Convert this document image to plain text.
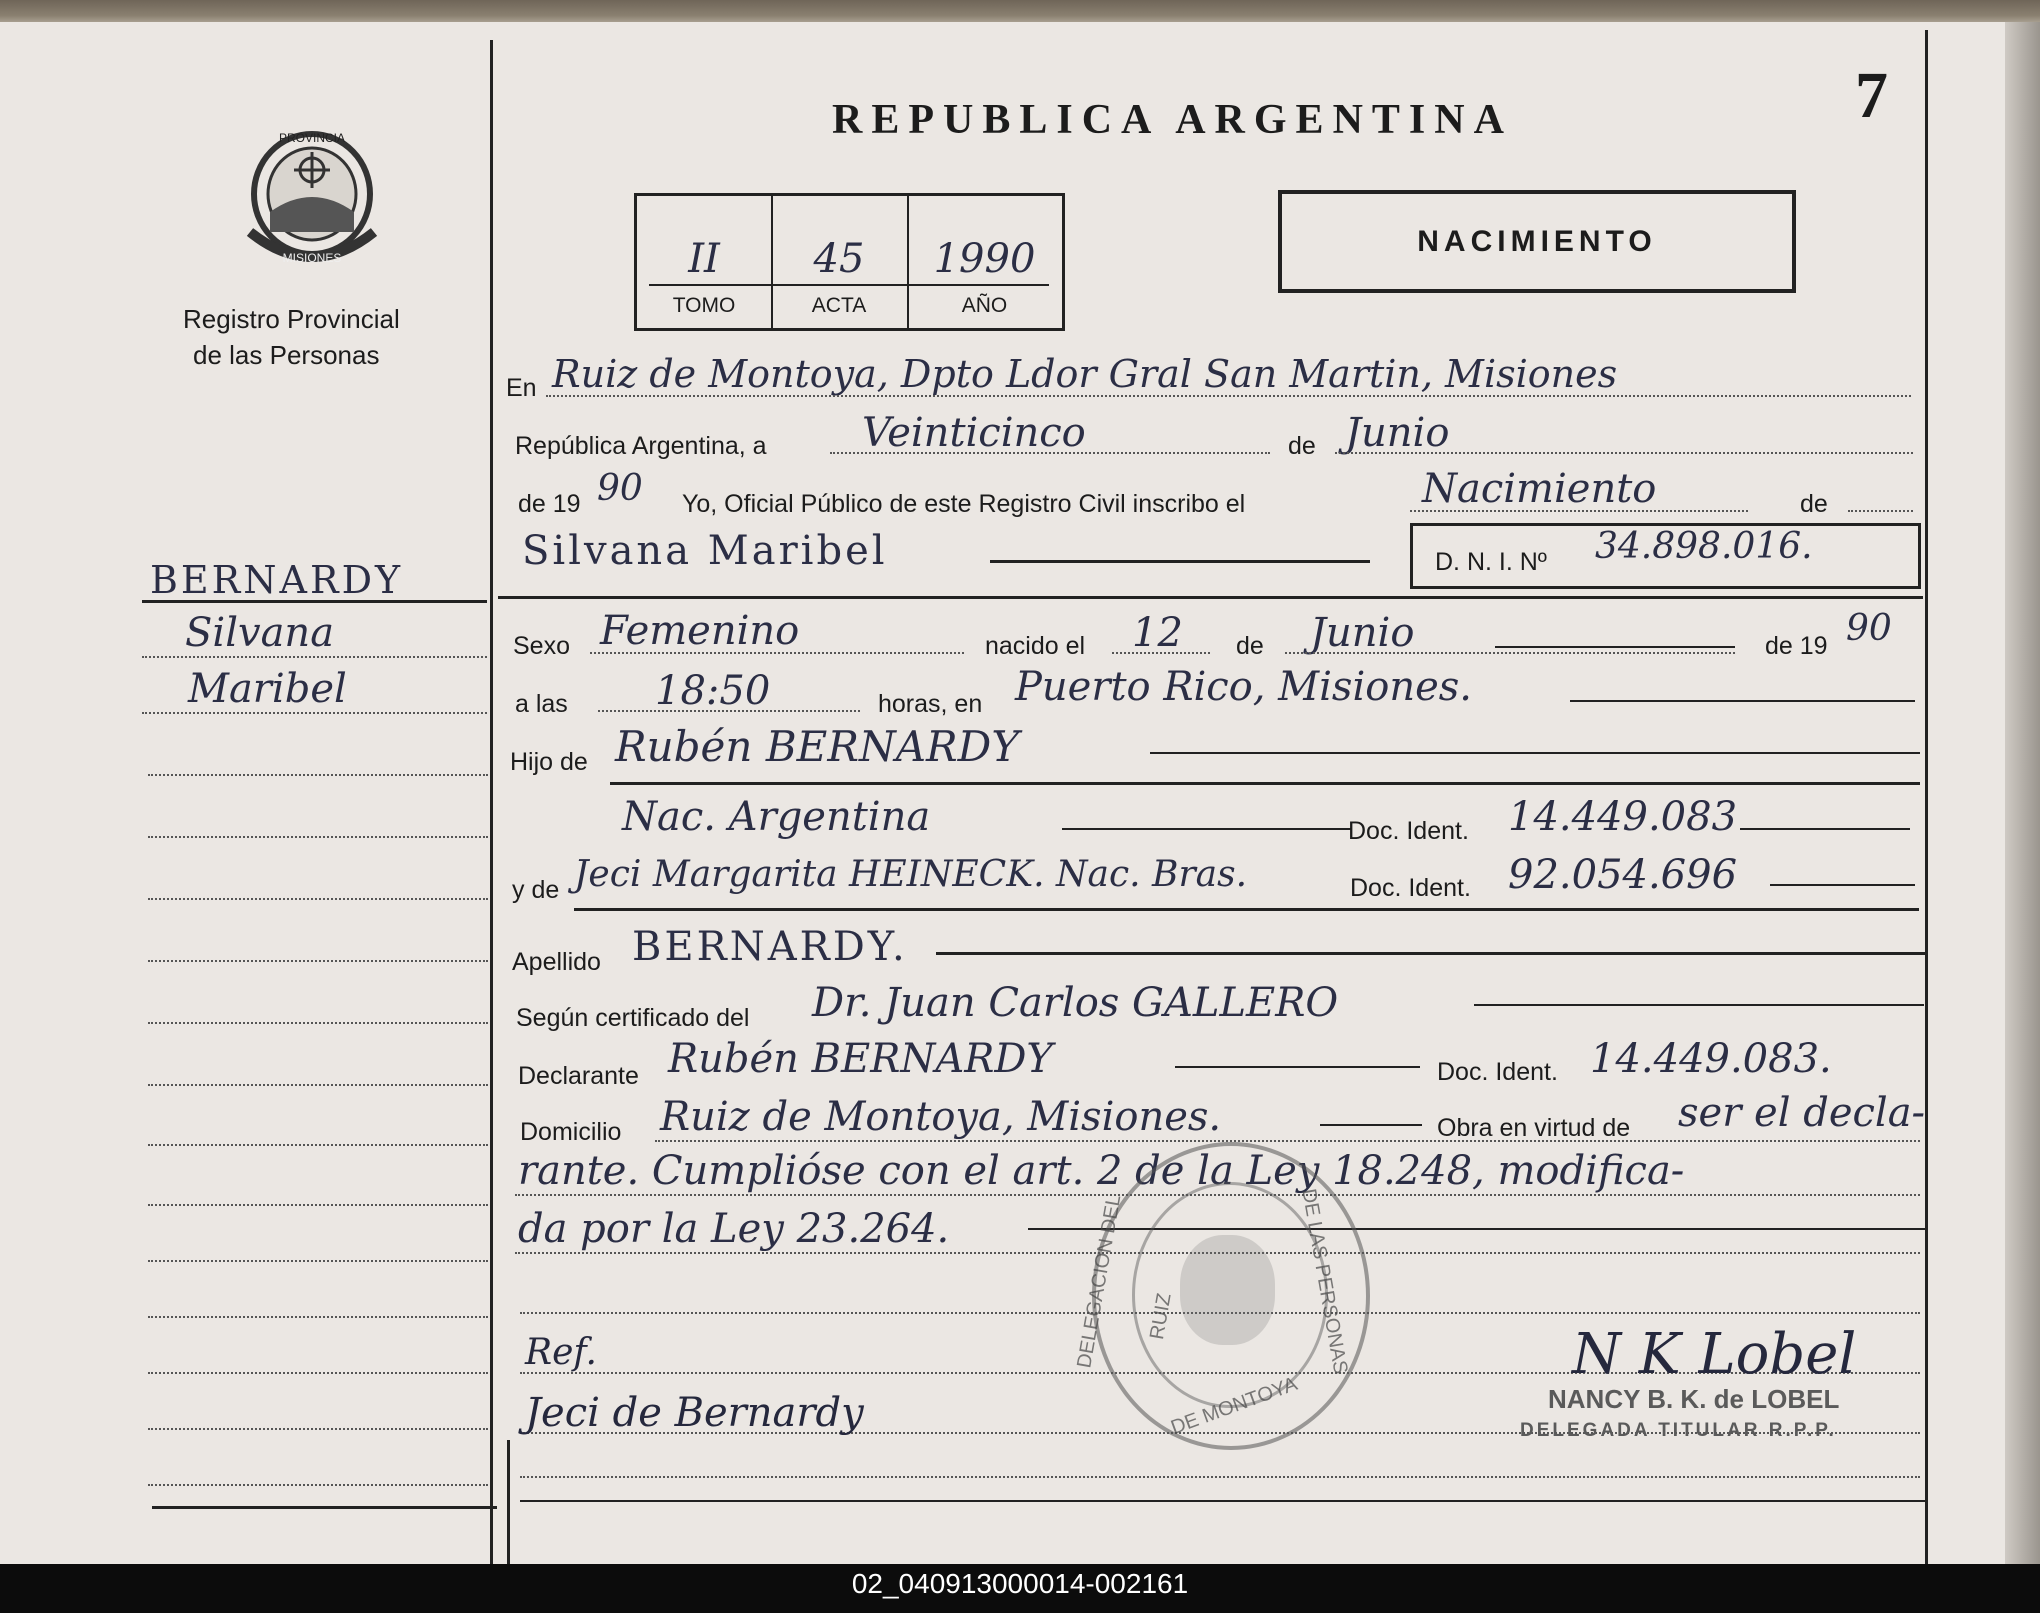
PROVINCIA
MISIONES
Registro Provincial
de las Personas
REPUBLICA ARGENTINA	7
II	45	1990
TOMO	ACTA	AÑO
NACIMIENTO
BERNARDY
Silvana
Maribel
En Ruiz de Montoya, Dpto Ldor Gral San Martin, Misiones
República Argentina, a Veinticinco	de Junio
de 19 90 Yo, Oficial Público de este Registro Civil inscribo el	Nacimiento	de
Silvana Maribel	D. N. I. Nº 34.898.016.
Sexo Femenino	nacido el 12 de Junio	de 19 90
a las 18:50	horas, en Puerto Rico, Misiones.
Hijo de Rubén BERNARDY
Nac. Argentina	Doc. Ident. 14.449.083
y de Jeci Margarita HEINECK. Nac. Bras.	Doc. Ident. 92.054.696
Apellido BERNARDY.
Según certificado del Dr. Juan Carlos GALLERO
Declarante Rubén BERNARDY	Doc. Ident. 14.449.083.
Domicilio Ruiz de Montoya, Misiones.	Obra en virtud de ser el decla-
rante. Cumplióse con el art. 2 de la Ley 18.248, modifica-
da por la Ley 23.264.	DELEGACION DEL	DE LAS PERSONAS
DE MONTOYA
RUIZ
Ref.
Jeci de Bernardy
N K Lobel
NANCY B. K. de LOBEL
DELEGADA TITULAR R.P.P.
02_040913000014-002161
